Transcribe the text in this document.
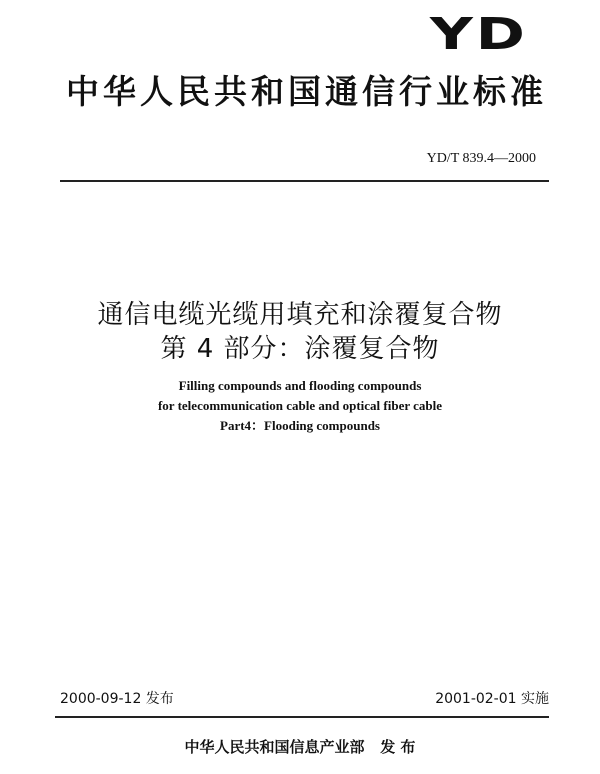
YD
中华人民共和国通信行业标准
YD/T 839.4—2000
通信电缆光缆用填充和涂覆复合物
第 4 部分：涂覆复合物
Filling compounds and flooding compounds
for telecommunication cable and optical fiber cable
Part4：Flooding compounds
2000-09-12 发布	2001-02-01 实施
中华人民共和国信息产业部   发 布
